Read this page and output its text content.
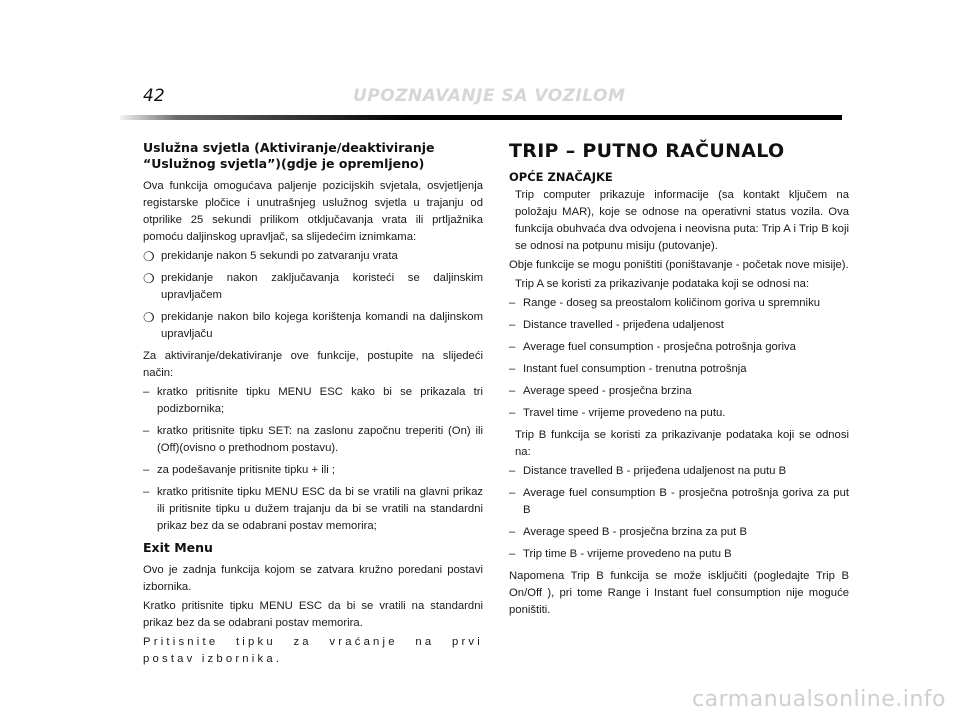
42	UPOZNAVANJE SA VOZILOM
Uslužna svjetla (Aktiviranje/deaktiviranje “Uslužnog svjetla”)(gdje je opremljeno)
Ova funkcija omogućava paljenje pozicijskih svjetala, osvjetljenja registarske pločice i unutrašnjeg uslužnog svjetla u trajanju od otprilike 25 sekundi prilikom otključavanja vrata ili prtljažnika pomoću daljinskog upravljač, sa slijedećim iznimkama:
❍ prekidanje nakon 5 sekundi po zatvaranju vrata
❍ prekidanje nakon zaključavanja koristeći se daljinskim upravljačem
❍ prekidanje nakon bilo kojega korištenja komandi na daljinskom upravljaču
Za aktiviranje/dekativiranje ove funkcije, postupite na slijedeći način:
– kratko pritisnite tipku MENU ESC kako bi se prikazala tri podizbornika;
– kratko pritisnite tipku SET: na zaslonu započnu treperiti (On) ili (Off)(ovisno o prethodnom postavu).
– za podešavanje pritisnite tipku + ili ;
– kratko pritisnite tipku MENU ESC da bi se vratili na glavni prikaz ili pritisnite tipku u dužem trajanju da bi se vratili na standardni prikaz bez da se odabrani postav memorira;
Exit Menu
Ovo je zadnja funkcija kojom se zatvara kružno poredani postavi izbornika.
Kratko pritisnite tipku MENU ESC da bi se vratili na standardni prikaz bez da se odabrani postav memorira.
Pritisnite tipku za vraćanje na prvi postav izbornika.
TRIP – PUTNO RAČUNALO
OPĆE ZNAČAJKE
Trip computer prikazuje informacije (sa kontakt ključem na položaju MAR), koje se odnose na operativni status vozila. Ova funkcija obuhvaća dva odvojena i neovisna puta: Trip A i Trip B koji se odnosi na potpunu misiju (putovanje).
Obje funkcije se mogu poništiti (poništavanje - početak nove misije).
Trip A se koristi za prikazivanje podataka koji se odnosi na:
– Range - doseg sa preostalom količinom goriva u spremniku
– Distance travelled - prijeđena udaljenost
– Average fuel consumption - prosječna potrošnja goriva
– Instant fuel consumption - trenutna potrošnja
– Average speed - prosječna brzina
– Travel time - vrijeme provedeno na putu.
Trip B funkcija se koristi za prikazivanje podataka koji se odnosi na:
– Distance travelled B - prijeđena udaljenost na putu B
– Average fuel consumption B - prosječna potrošnja goriva za put B
– Average speed B - prosječna brzina za put B
– Trip time B - vrijeme provedeno na putu B
Napomena Trip B funkcija se može isključiti (pogledajte Trip B On/Off ), pri tome Range i Instant fuel consumption nije moguće poništiti.
carmanualsonline.info
